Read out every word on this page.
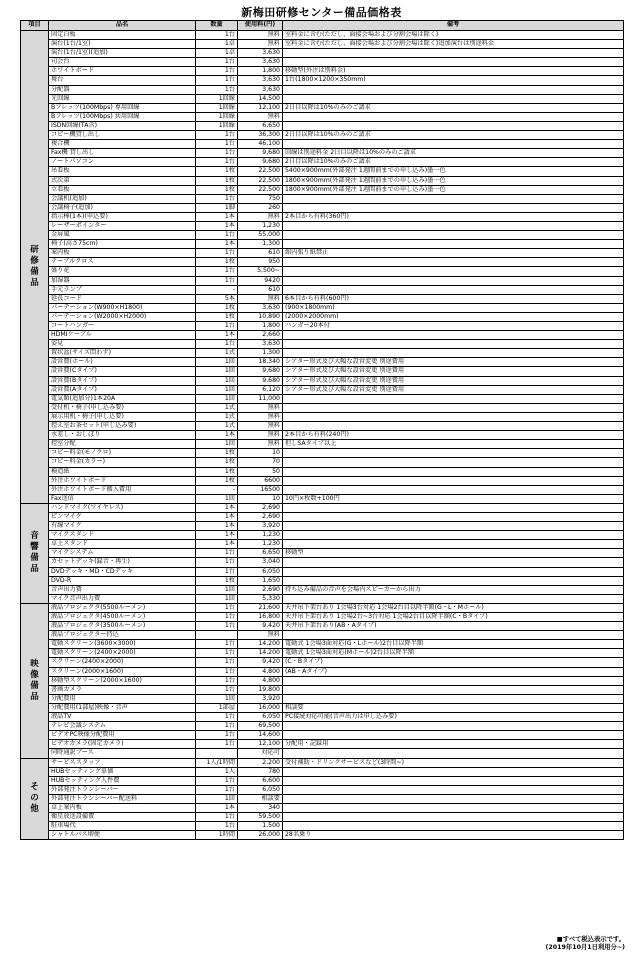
新梅田研修センター備品価格表
項目	品名	数量	使用料(円)	備考
研修備品	固定白板	1台	無料	室料金に含む(ただし、面接会場および分割会場は除く)
	演台(1台/1室)	1卓	無料	室料金に含む(ただし、面接会場および分割会場は除く)追加演台は別途料金
	演台(1台/1室)(追加)	1卓	3,630	
	司会台	1台	3,630	
	ホワイトボード	1台	1,800	移動型(外注は別料金)
	舞台	1台	3,630	1台(1800×1200×350mm)
	分配器	1台	3,630	
	光回線	1回線	14,500	
	Bフレッツ(100Mbps) 専用回線	1回線	12,100	2日目以降は10%のみのご請求
	Bフレッツ(100Mbps) 共用回線	1回線	無料	
	ISDN回線(TA含)	1回線	6,650	
	コピー機貸し出し	1台	36,300	2日目以降は10%のみのご請求
	複合機	1台	46,100	
	Fax機 貸し出し	1台	9,680	回線は別途料金 2日目以降は10%のみのご請求
	ノートパソコン	1台	9,680	2日目以降は10%のみのご請求
	吊看板	1枚	22,500	5400×900mm(外部発注 1週間前までの申し込み)墨一色
	式次第	1枚	22,500	1800×900mm(外部発注 1週間前までの申し込み)墨一色
	立看板	1枚	22,500	1800×900mm(外部発注 1週間前までの申し込み)墨一色
	会議机(追加)	1台	750	
	会議椅子(追加)	1脚	260	
	指示棒(1本)(申込要)	1本	無料	2本目から有料(360円)
	レーザーポインター	1本	1,230	
	金屏風	1台	55,000	
	椅子(高さ75cm)	1本	1,300	
	案内板	1台	610	館内張り紙禁止
	テーブルクロス	1枚	950	
	盛り花	1台	5,500~	
	加湿器	1台	9420	
	手元ランプ	-	610	
	延長コード	5本	無料	6本目から有料(600円)
	パーテーション(W900×H1800)	1枚	3,630	(900×1800mm)
	パーテーション(W2000×H2000)	1枚	10,890	(2000×2000mm)
	コートハンガー	1台	1,800	ハンガー20本付
	HDMIケーブル	1本	2,660	
	姿見	1台	3,630	
	置状盆(サイズ問わず)	1式	1,300	
	設営費(ホール)	1回	18,340	シアター形式及び大幅な設営変更 別途費用
	設営費(Cタイプ)	1回	9,680	シアター形式及び大幅な設営変更 別途費用
	設営費(Bタイプ)	1回	9,680	シアター形式及び大幅な設営変更 別途費用
	設営費(Aタイプ)	1回	6,120	シアター形式及び大幅な設営変更 別途費用
	電気類(追加分)1本20A	1回	11,000	
	受付机・椅子(申し込み要)	1式	無料	
	展示用机・椅子(申し込要)	1式	無料	
	控え室お茶セット(申し込み要)	1式	無料	
	水差し・おしぼり	1本	無料	2本目から有料(240円)
	控室分配	1回	無料	但しSAタイプ以上
	コピー料金(モノクロ)	1枚	10	
	コピー料金(カラー)	1枚	70	
	模造紙	1枚	50	
	外注ホワイトボード	1枚	6600	
	外注ホワイトボード搬入費用	-	16500	
	Fax送信	1回	10	10円×枚数+100円
音響備品	ハンドマイク(ワイヤレス)	1本	2,690	
	ピンマイク	1本	2,690	
	有線マイク	1本	3,920	
	マイクスタンド	1本	1,230	
	卓上スタンド	1本	1,230	
	マイクシステム	1台	6,650	移動型
	カセットデッキ(録音・再生)	1台	3,040	
	DVDデッキ・MD・CDデッキ	1台	6,050	
	DVD-R	1枚	1,650	
	音声出力費	1回	2,690	持ち込み備品の音声を会場内スピーカーから出力
	マイク音声出力費	1回	5,330	
映像備品	液晶プロジェクタ(5500ルーメン)	1台	21,600	天井吊下架台あり 1会場3台対応 1会場2台目以降半額(G・L・Mホール)
	液晶プロジェクタ(4500ルーメン)	1台	16,800	天井吊下架台あり 1会場2台~3台対応 1会場2台目以降半額(C・Bタイプ)
	液晶プロジェクタ(3500ルーメン)	1台	9,420	天井吊下架台あり(AB・Aタイプ)
	液晶プロジェクター持込		無料	
	電動スクリーン(3600×3000)	1台	14,200	電動式 1会場3面対応(G・Lホール)2台目以降半額
	電動スクリーン(2400×2000)	1台	14,200	電動式 1会場3面対応(Mホール)2台目以降半額
	スクリーン(2400×2000)	1台	9,420	(C・Bタイプ)
	スクリーン(2000×1600)	1台	4,800	(AB・Aタイプ)
	移動型スクリーン(2000×1600)	1台	4,800	
	書画カメラ	1台	19,800	
	分配費用	1回	3,920	
	分配費用(1部屋)映像・音声	1部屋	16,000	相談要
	液晶TV	1台	6,050	PC接続対応可能(音声出力は申し込み要)
	テレビ会議システム	1台	69,500	
	ビデオPC映像分配費用	1台	14,600	
	ビデオカメラ(固定カメラ)	1台	12,100	分配用・記録用
	同時通訳ブース		対応可	
その他	サービススタッフ	1人/1時間	2,200	受付補助・ドリンクサービスなど(3時間~)
	HUBセッティング単価	1人	780	
	HUBセッティング人件費	1台	6,600	
	外部発注トランシーバー	1台	6,050	
	外部発注トランシーバー配送料	1回	相談要	
	卓上案内板	1本	340	
	衛星放送設備費	1台	59,500	
	駐車場代	1台	1,500	
	シャトルバス増便	1時間	26,000	28名乗り
■すべて税込表示です。
(2019年10月1日利用分~)
